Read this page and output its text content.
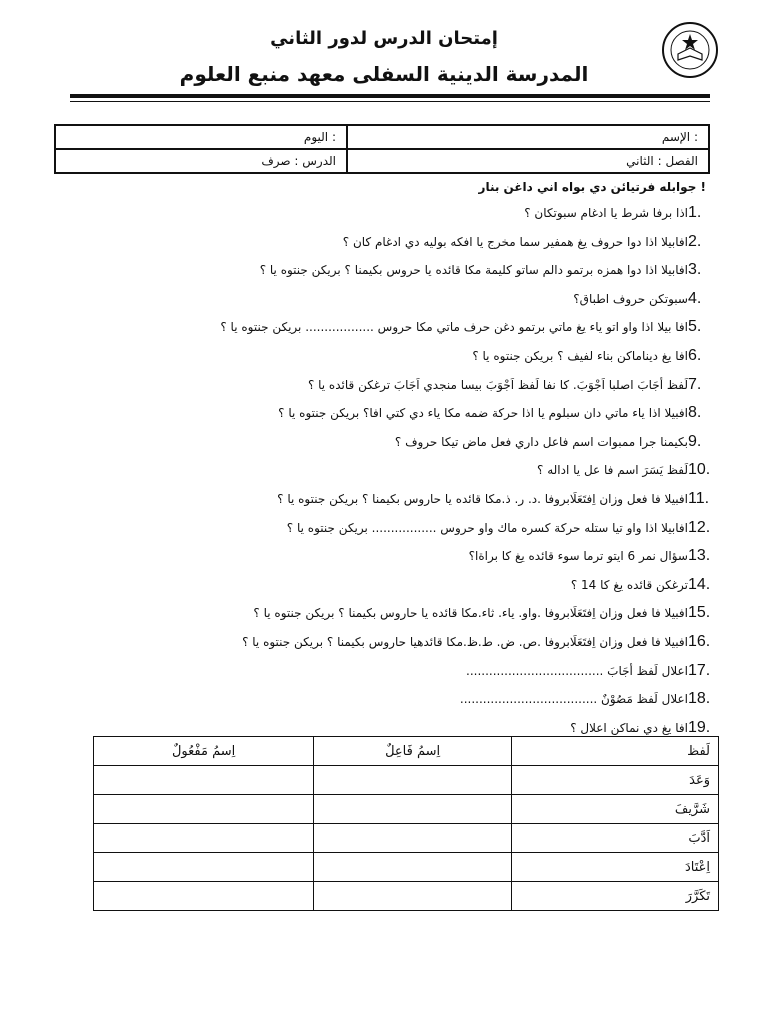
إمتحان الدرس لدور الثاني
المدرسة الدينية السفلى معهد منبع العلوم
: الإسم	: اليوم
الفصل : الثاني	الدرس : صرف
! جوابله فرتيائن دي بواه اني داغن بنار
1.اذا برفا شرط يا ادغام سبوتكان ؟
2.افابيلا اذا دوا حروف يغ همفير سما مخرج يا افكه بوليه دي ادغام كان ؟
3.افابيلا اذا دوا همزه برتمو دالم ساتو كليمة مكا قائده يا حروس بكيمنا ؟ بريكن جنتوه يا ؟
4.سبوتكن حروف اطباق؟
5.افا بيلا اذا واو اتو ياء يغ ماتي برتمو دغن حرف ماتي مكا حروس .................. بريكن جنتوه يا ؟
6.افا يغ ديناماكن بناء لفيف ؟ بريكن جنتوه يا ؟
7.لَفظ أجَابَ اصلبا اَجْوَبَ. كا نفا لَفظ اَجْوَبَ بيسا منجدي اَجَابَ ترغكن قائده يا ؟
8.افبيلا اذا ياء ماتي دان سبلوم يا اذا حركة ضمه مكا ياء دي كتي افا؟ بريكن جنتوه يا ؟
9.بكيمنا جرا ممبوات اسم فاعل داري فعل ماض تيكا حروف ؟
10.لَفظ يَسَرَ اسم فا عل يا اداله ؟
11.افبيلا فا فعل وزان اِفتَعَلَابروفا .د. ر. ذ.مكا قائده يا حاروس بكيمنا ؟ بريكن جنتوه يا ؟
12.افابيلا اذا واو تيا ستله حركة كسره ماك واو حروس ................. بريكن جنتوه يا ؟
13.سؤال نمر 6 ايتو ترما سوء قائده يغ كا براةا؟
14.ترغكن قائده يغ كا 14 ؟
15.افبيلا فا فعل وزان اِفتَعَلَابروفا .واو. ياء. ثاء.مكا قائده يا حاروس بكيمنا ؟ بريكن جنتوه يا ؟
16.افبيلا فا فعل وزان اِفتَعَلَابروفا .ص. ض. ط.ظ.مكا قائدهيا حاروس بكيمنا ؟ بريكن جنتوه يا ؟
17.اعلال لَفظ أجَابَ ....................................
18.اعلال لَفظ مَصُوْنٌ ....................................
19.افا يغ دي نماكن اعلال ؟
لَفظ	اِسمُ فَاعِلٌ	اِسمُ مَفْعُولٌ
وَعَدَ		
شَرَّيفَ		
اَدَّبَ		
اِعْتَادَ		
تَكَرَّرَ		
